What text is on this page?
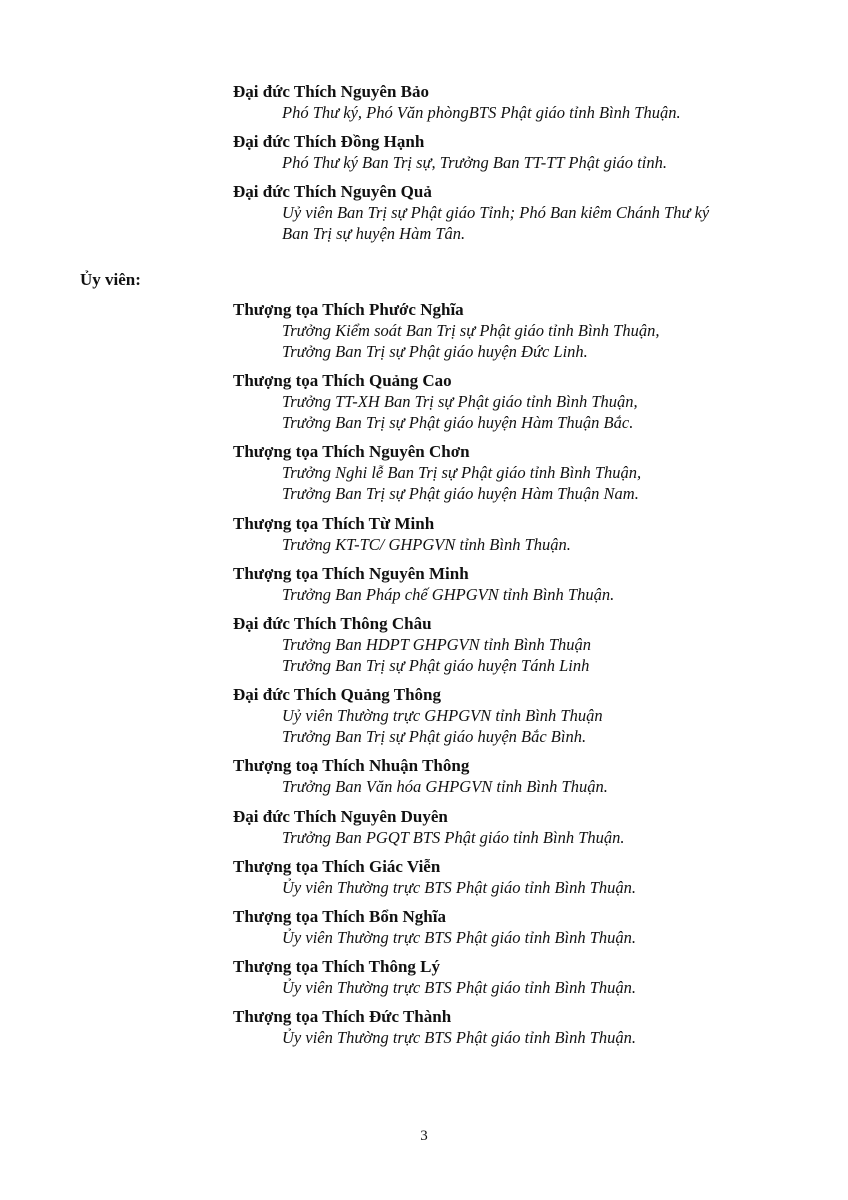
Đại đức Thích Nguyên Bảo
Phó Thư ký, Phó Văn phòngBTS Phật giáo tỉnh Bình Thuận.
Đại đức Thích Đồng Hạnh
Phó Thư ký Ban Trị sự, Trưởng Ban TT-TT Phật giáo tỉnh.
Đại đức Thích Nguyên Quả
Uỷ viên Ban Trị sự Phật giáo Tỉnh; Phó Ban kiêm Chánh Thư ký
Ban Trị sự huyện Hàm Tân.
Ủy viên:
Thượng tọa Thích Phước Nghĩa
Trưởng Kiểm soát Ban Trị sự Phật giáo tỉnh Bình Thuận,
Trưởng Ban Trị sự Phật giáo huyện Đức Linh.
Thượng tọa Thích Quảng Cao
Trưởng TT-XH Ban Trị sự Phật giáo tỉnh Bình Thuận,
Trưởng Ban Trị sự Phật giáo huyện Hàm Thuận Bắc.
Thượng tọa Thích Nguyên Chơn
Trưởng Nghi lễ Ban Trị sự Phật giáo tỉnh Bình Thuận,
Trưởng Ban Trị sự Phật giáo huyện Hàm Thuận Nam.
Thượng tọa Thích Từ Minh
Trưởng KT-TC/ GHPGVN tỉnh Bình Thuận.
Thượng tọa Thích Nguyên Minh
Trưởng Ban Pháp chế GHPGVN tỉnh Bình Thuận.
Đại đức Thích Thông Châu
Trưởng Ban HDPT GHPGVN tỉnh Bình Thuận
Trưởng Ban Trị sự Phật giáo huyện Tánh Linh
Đại đức Thích Quảng Thông
Uỷ viên Thường trực GHPGVN tỉnh Bình Thuận
Trưởng Ban Trị sự Phật giáo huyện Bắc Bình.
Thượng toạ Thích Nhuận Thông
Trưởng Ban Văn hóa GHPGVN tỉnh Bình Thuận.
Đại đức Thích Nguyên Duyên
Trưởng Ban PGQT BTS Phật giáo tỉnh Bình Thuận.
Thượng tọa Thích Giác Viễn
Ủy viên Thường trực BTS Phật giáo tỉnh Bình Thuận.
Thượng tọa Thích Bổn Nghĩa
Ủy viên Thường trực BTS Phật giáo tỉnh Bình Thuận.
Thượng tọa Thích Thông Lý
Ủy viên Thường trực BTS Phật giáo tỉnh Bình Thuận.
Thượng tọa Thích Đức Thành
Ủy viên Thường trực BTS Phật giáo tỉnh Bình Thuận.
3
